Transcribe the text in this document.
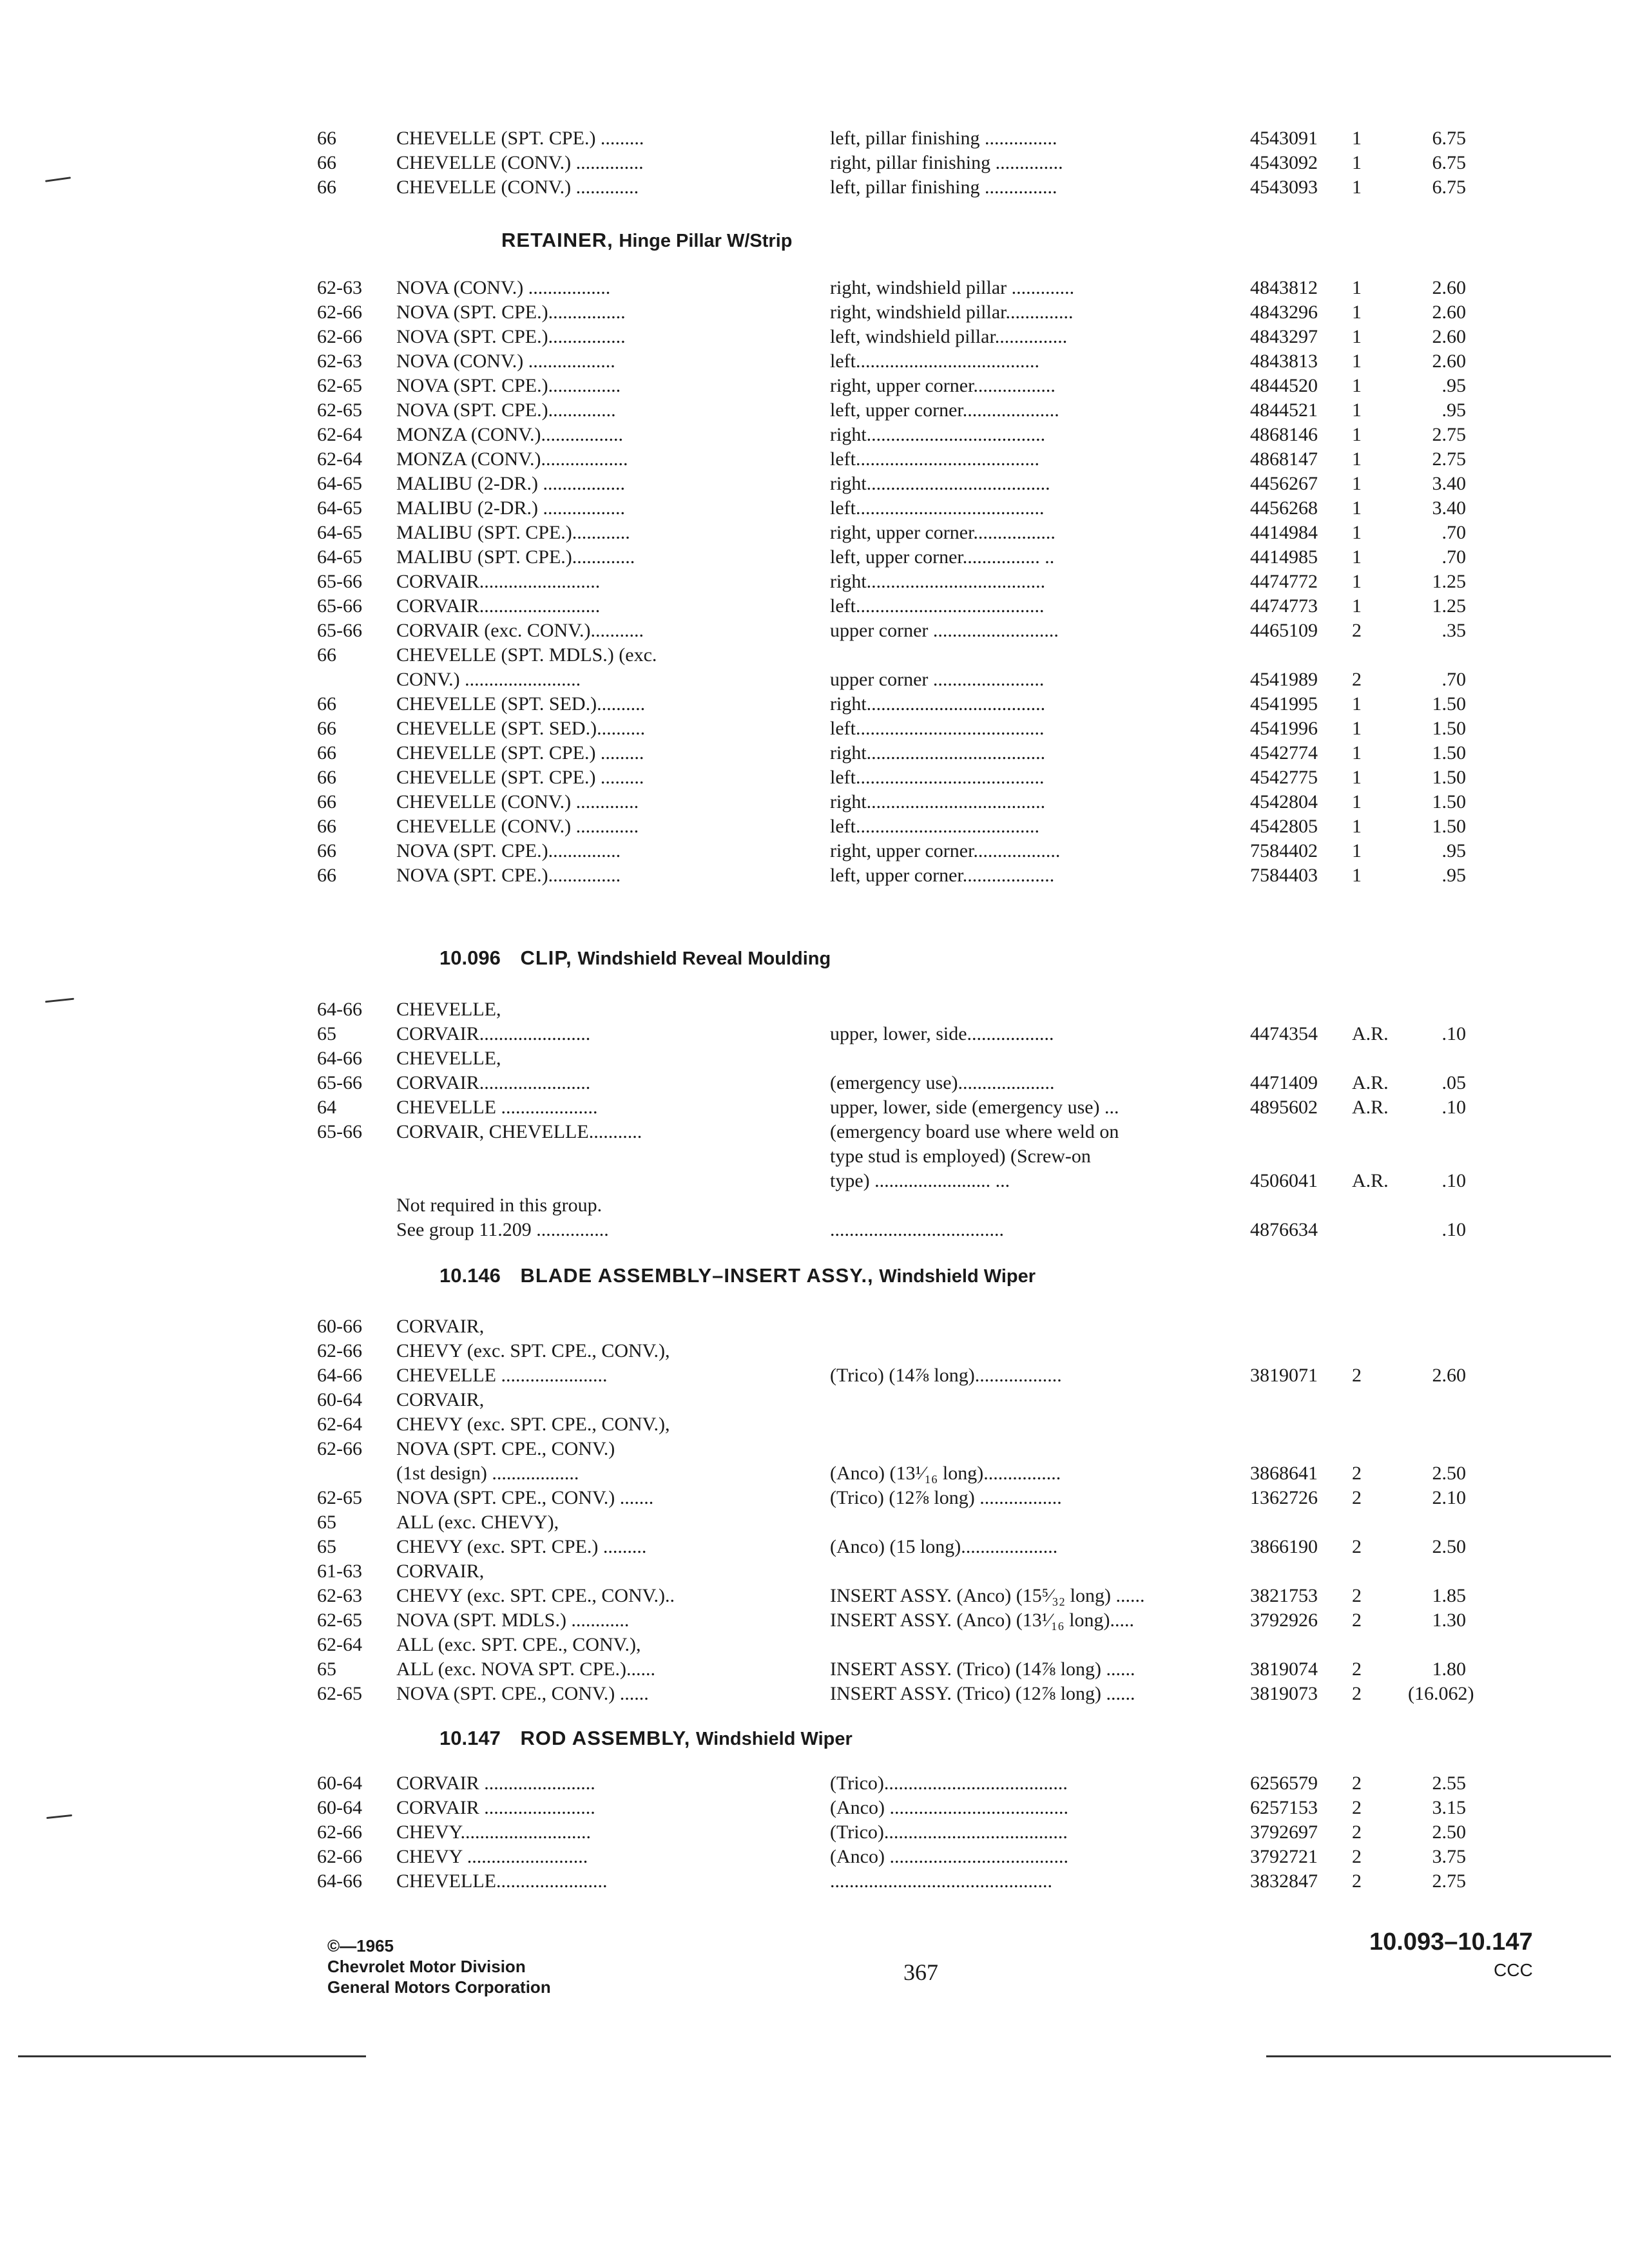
66	CHEVELLE (SPT. CPE.) .........	left, pillar finishing ...............	4543091 1	6.75
66	CHEVELLE (CONV.) ..............	right, pillar finishing ..............	4543092 1	6.75
66	CHEVELLE (CONV.) .............	left, pillar finishing ...............	4543093 1	6.75
RETAINER, Hinge Pillar W/Strip
62-63 NOVA (CONV.) .................	right, windshield pillar .............	4843812 1	2.60
62-66 NOVA (SPT. CPE.)................	right, windshield pillar..............	4843296 1	2.60
62-66 NOVA (SPT. CPE.)................	left, windshield pillar...............	4843297 1	2.60
62-63 NOVA (CONV.) ..................	left......................................	4843813 1	2.60
62-65 NOVA (SPT. CPE.)...............	right, upper corner.................	4844520 1	.95
62-65 NOVA (SPT. CPE.)..............	left, upper corner....................	4844521 1	.95
62-64 MONZA (CONV.).................	right.....................................	4868146 1	2.75
62-64 MONZA (CONV.)..................	left......................................	4868147 1	2.75
64-65 MALIBU (2-DR.) .................	right......................................	4456267 1	3.40
64-65 MALIBU (2-DR.) .................	left.......................................	4456268 1	3.40
64-65 MALIBU (SPT. CPE.)............	right, upper corner.................	4414984 1	.70
64-65 MALIBU (SPT. CPE.).............	left, upper corner................ ..	4414985 1	.70
65-66 CORVAIR.........................	right.....................................	4474772 1	1.25
65-66 CORVAIR.........................	left.......................................	4474773 1	1.25
65-66 CORVAIR (exc. CONV.)...........	upper corner ..........................	4465109 2	.35
66	CHEVELLE (SPT. MDLS.) (exc.
CONV.) ........................	upper corner .......................	4541989 2	.70
66	CHEVELLE (SPT. SED.)..........	right.....................................	4541995 1	1.50
66	CHEVELLE (SPT. SED.)..........	left.......................................	4541996 1	1.50
66	CHEVELLE (SPT. CPE.) .........	right.....................................	4542774 1	1.50
66	CHEVELLE (SPT. CPE.) .........	left.......................................	4542775 1	1.50
66	CHEVELLE (CONV.) .............	right.....................................	4542804 1	1.50
66	CHEVELLE (CONV.) .............	left......................................	4542805 1	1.50
66	NOVA (SPT. CPE.)...............	right, upper corner..................	7584402 1	.95
66	NOVA (SPT. CPE.)...............	left, upper corner...................	7584403 1	.95
10.096 CLIP, Windshield Reveal Moulding
64-66 CHEVELLE,
65	CORVAIR.......................	upper, lower, side..................	4474354 A.R.	.10
64-66 CHEVELLE,
65-66 CORVAIR.......................	(emergency use)....................	4471409 A.R.	.05
64	CHEVELLE ....................	upper, lower, side (emergency use) ...	4895602 A.R.	.10
65-66 CORVAIR, CHEVELLE...........	(emergency board use where weld on
type stud is employed) (Screw-on
type) ........................ ...	4506041 A.R.	.10
Not required in this group.
See group 11.209 ...............	....................................	4876634	.10
10.146 BLADE ASSEMBLY–INSERT ASSY., Windshield Wiper
60-66 CORVAIR,
62-66 CHEVY (exc. SPT. CPE., CONV.),
64-66 CHEVELLE ......................	(Trico) (14⅞ long)..................	3819071 2	2.60
60-64 CORVAIR,
62-64 CHEVY (exc. SPT. CPE., CONV.),
62-66 NOVA (SPT. CPE., CONV.)
(1st design) ..................	(Anco) (13¹⁄₁₆ long)................	3868641 2	2.50
62-65 NOVA (SPT. CPE., CONV.) .......	(Trico) (12⅞ long) .................	1362726 2	2.10
65	ALL (exc. CHEVY),
65	CHEVY (exc. SPT. CPE.) .........	(Anco) (15 long)....................	3866190 2	2.50
61-63 CORVAIR,
62-63 CHEVY (exc. SPT. CPE., CONV.)..	INSERT ASSY. (Anco) (15⁵⁄₃₂ long) ......	3821753 2	1.85
62-65 NOVA (SPT. MDLS.) ............	INSERT ASSY. (Anco) (13¹⁄₁₆ long).....	3792926 2	1.30
62-64 ALL (exc. SPT. CPE., CONV.),
65	ALL (exc. NOVA SPT. CPE.)......	INSERT ASSY. (Trico) (14⅞ long) ......	3819074 2	1.80
62-65 NOVA (SPT. CPE., CONV.) ......	INSERT ASSY. (Trico) (12⅞ long) ......	3819073 2 (16.062)
10.147 ROD ASSEMBLY, Windshield Wiper
60-64 CORVAIR .......................	(Trico)......................................	6256579 2	2.55
60-64 CORVAIR .......................	(Anco) .....................................	6257153 2	3.15
62-66 CHEVY...........................	(Trico)......................................	3792697 2	2.50
62-66 CHEVY .........................	(Anco) .....................................	3792721 2	3.75
64-66 CHEVELLE.......................	..............................................	3832847 2	2.75
©—1965
Chevrolet Motor Division
General Motors Corporation
367
10.093–10.147
CCC
